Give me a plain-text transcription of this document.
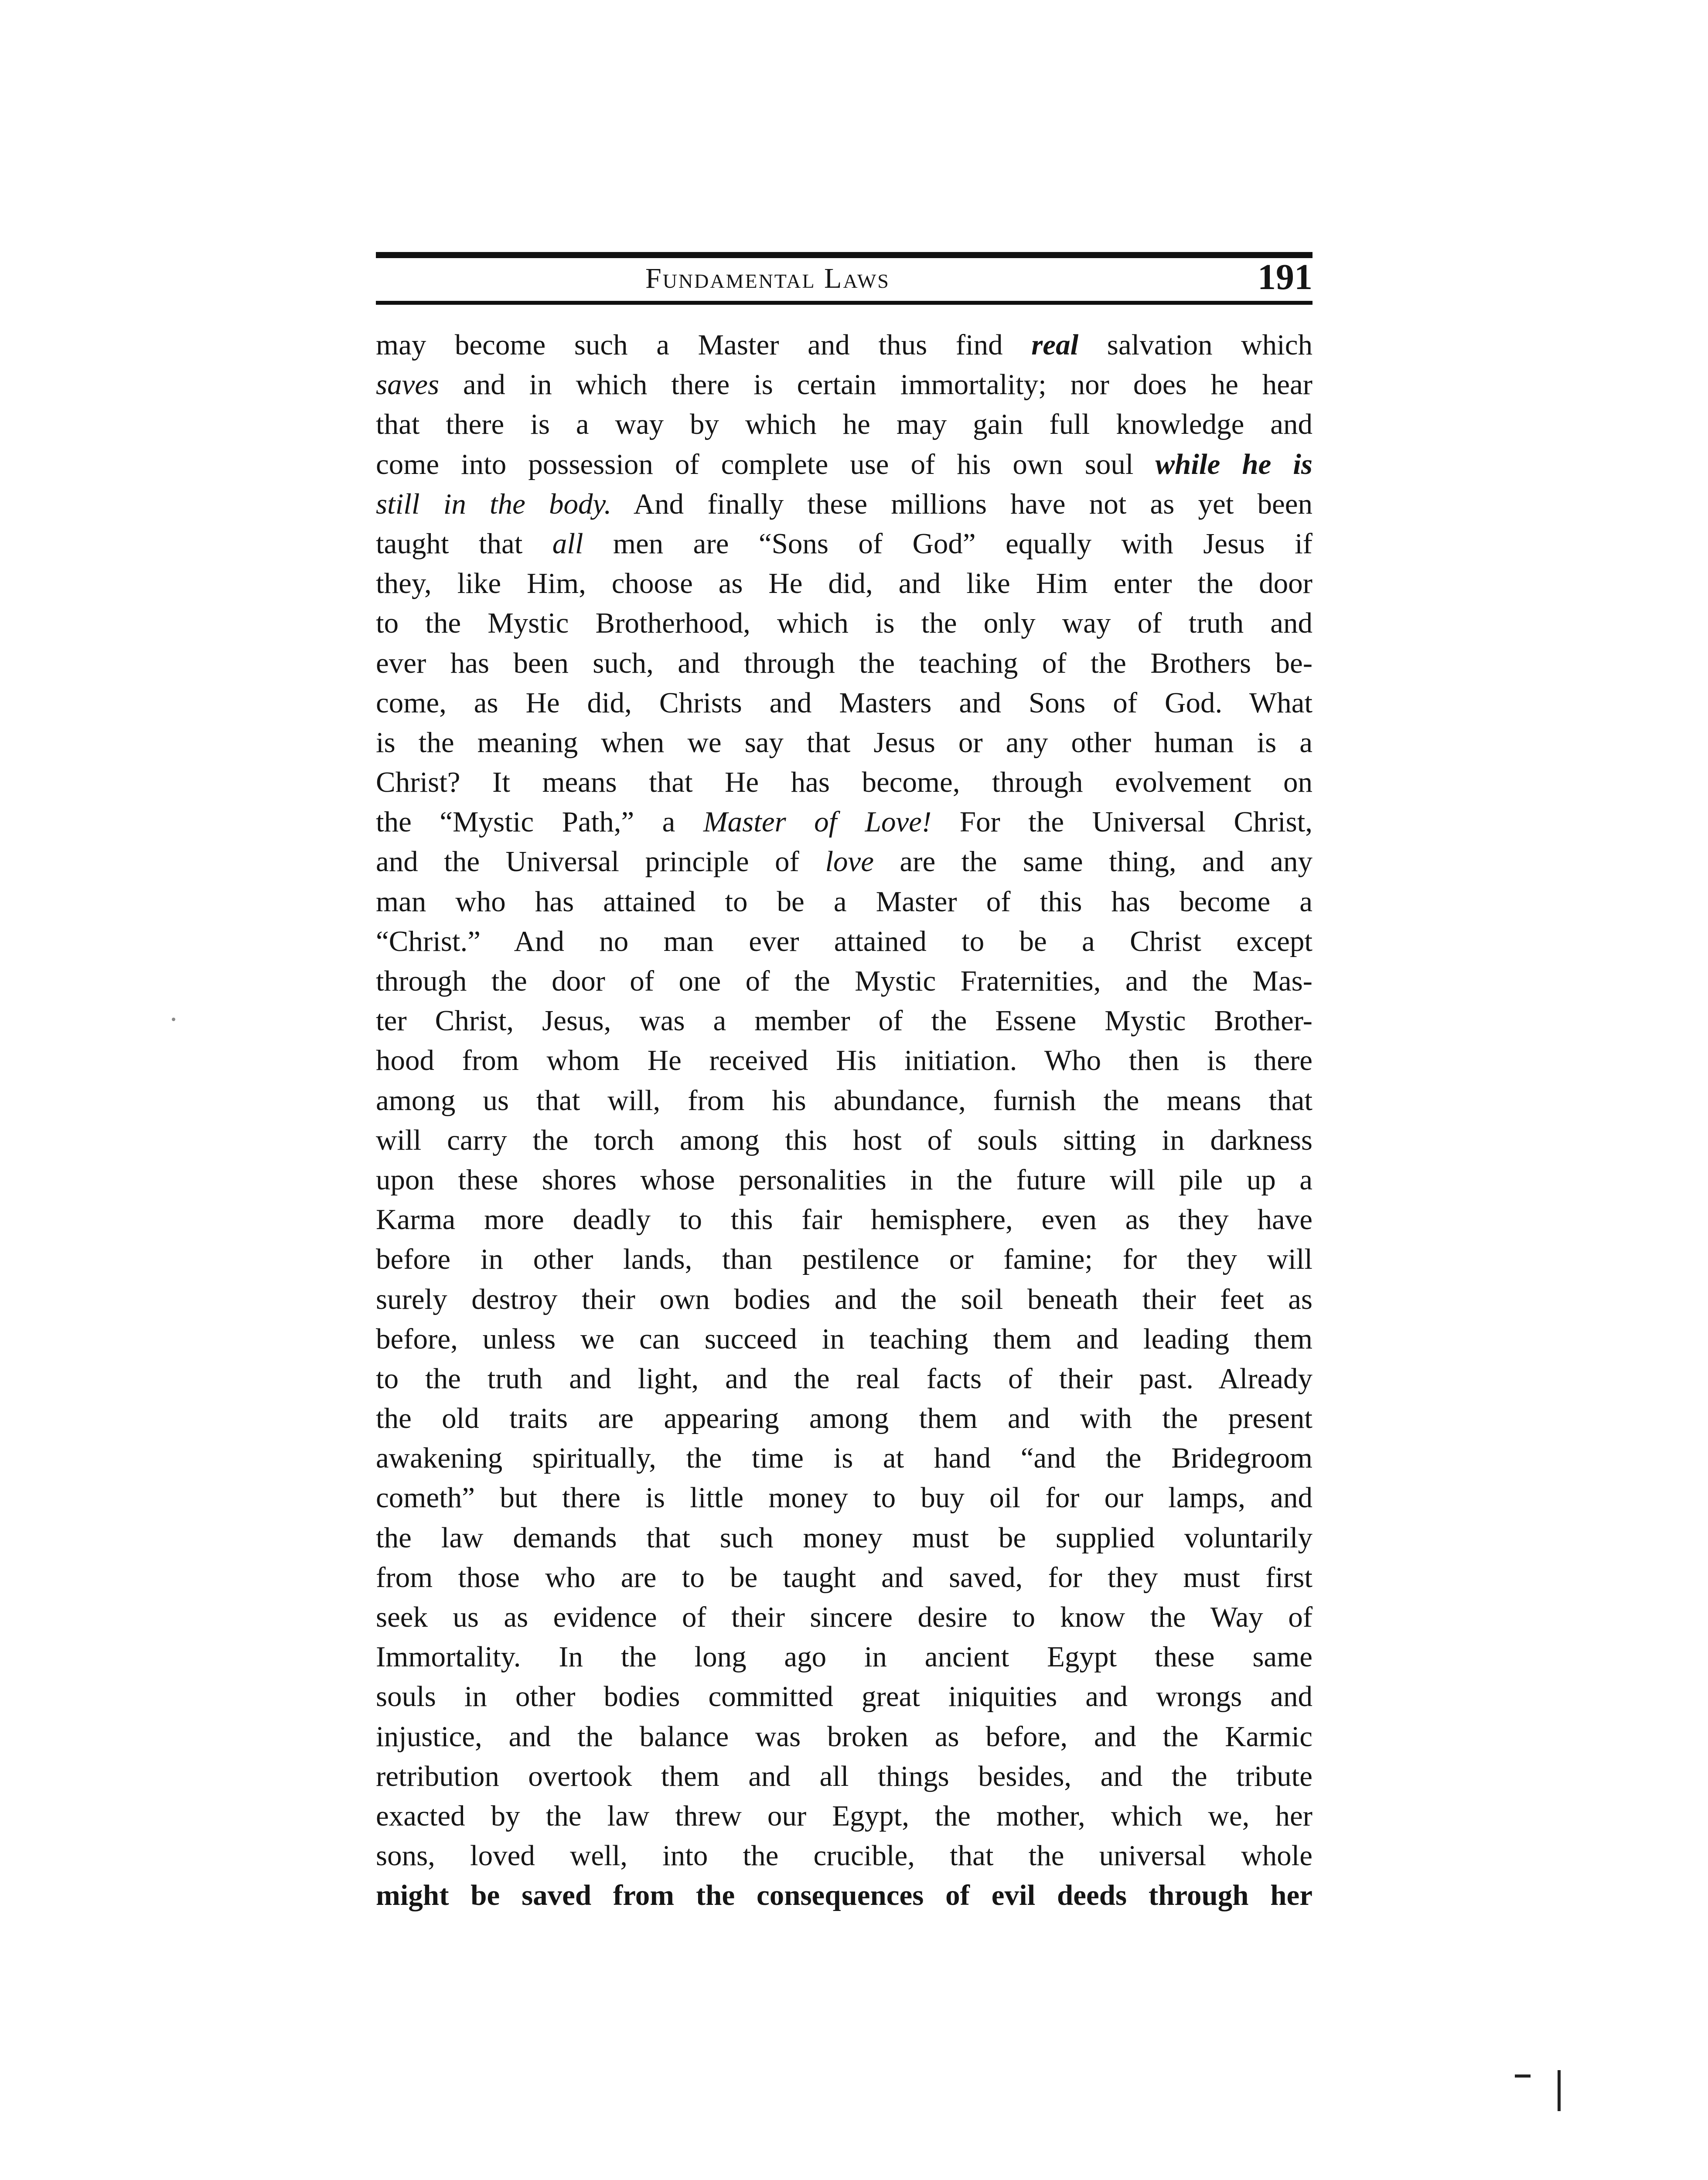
Fundamental Laws	191
may become such a Master and thus find real salvation which
saves and in which there is certain immortality; nor does he hear
that there is a way by which he may gain full knowledge and
come into possession of complete use of his own soul while he is
still in the body. And finally these millions have not as yet been
taught that all men are “Sons of God” equally with Jesus if
they, like Him, choose as He did, and like Him enter the door
to the Mystic Brotherhood, which is the only way of truth and
ever has been such, and through the teaching of the Brothers be-
come, as He did, Christs and Masters and Sons of God. What
is the meaning when we say that Jesus or any other human is a
Christ? It means that He has become, through evolvement on
the “Mystic Path,” a Master of Love! For the Universal Christ,
and the Universal principle of love are the same thing, and any
man who has attained to be a Master of this has become a
“Christ.” And no man ever attained to be a Christ except
through the door of one of the Mystic Fraternities, and the Mas-
ter Christ, Jesus, was a member of the Essene Mystic Brother-
hood from whom He received His initiation. Who then is there
among us that will, from his abundance, furnish the means that
will carry the torch among this host of souls sitting in darkness
upon these shores whose personalities in the future will pile up a
Karma more deadly to this fair hemisphere, even as they have
before in other lands, than pestilence or famine; for they will
surely destroy their own bodies and the soil beneath their feet as
before, unless we can succeed in teaching them and leading them
to the truth and light, and the real facts of their past. Already
the old traits are appearing among them and with the present
awakening spiritually, the time is at hand “and the Bridegroom
cometh” but there is little money to buy oil for our lamps, and
the law demands that such money must be supplied voluntarily
from those who are to be taught and saved, for they must first
seek us as evidence of their sincere desire to know the Way of
Immortality. In the long ago in ancient Egypt these same
souls in other bodies committed great iniquities and wrongs and
injustice, and the balance was broken as before, and the Karmic
retribution overtook them and all things besides, and the tribute
exacted by the law threw our Egypt, the mother, which we, her
sons, loved well, into the crucible, that the universal whole
might be saved from the consequences of evil deeds through her
